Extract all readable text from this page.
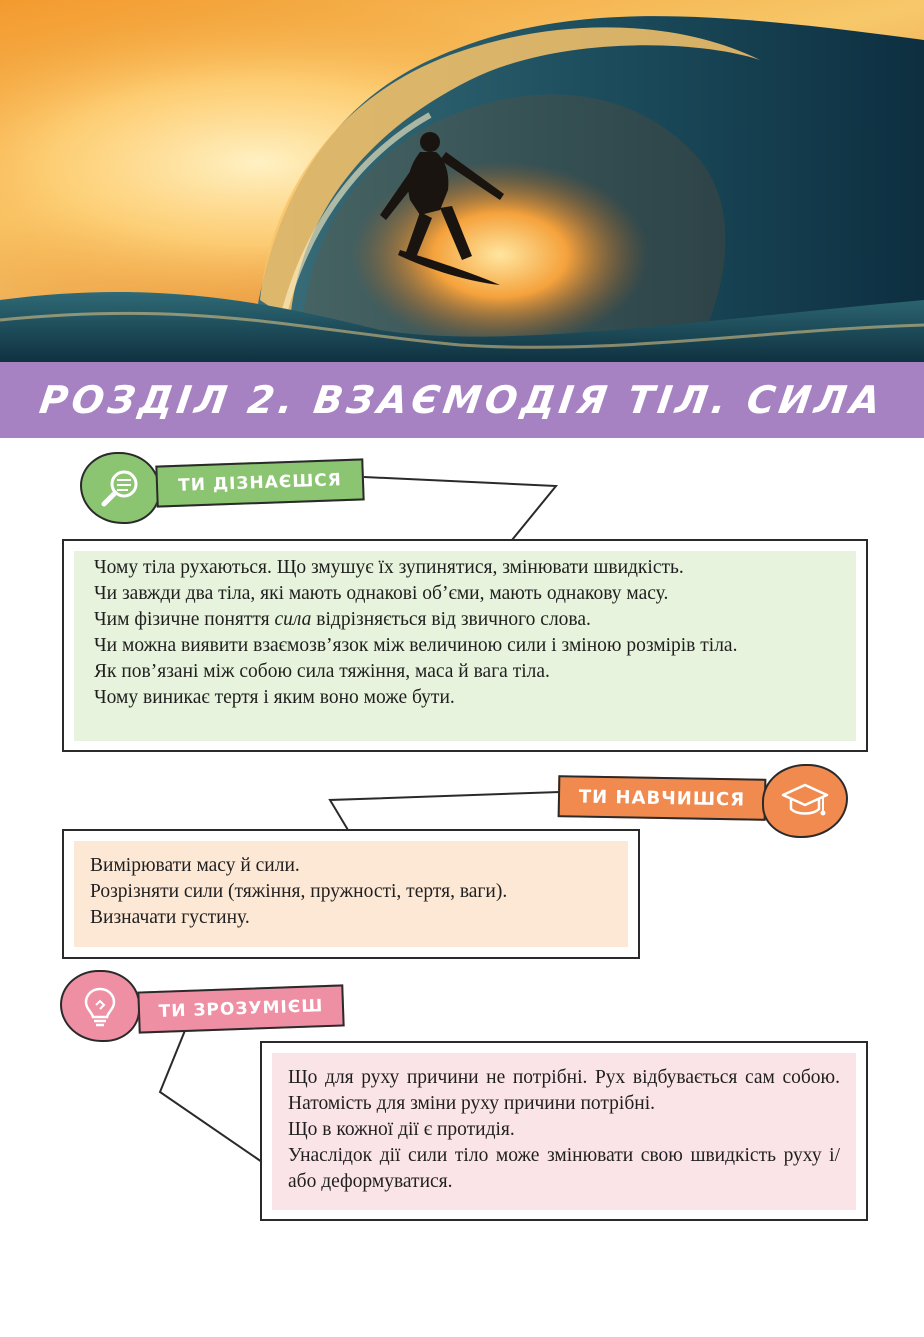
РОЗДІЛ 2. ВЗАЄМОДІЯ ТІЛ. СИЛА
ТИ ДІЗНАЄШСЯ

Чому тіла рухаються. Що змушує їх зупинятися, змінювати швидкість.

Чи завжди два тіла, які мають однакові об’єми, мають однакову масу.

Чим фізичне поняття сила відрізняється від звичного слова.

Чи можна виявити взаємозв’язок між величиною сили і зміною розмірів тіла.

Як пов’язані між собою сила тяжіння, маса й вага тіла.

Чому виникає тертя і яким воно може бути.

ТИ НАВЧИШСЯ

Вимірювати масу й сили.

Розрізняти сили (тяжіння, пружності, тертя, ваги).

Визначати густину.

ТИ ЗРОЗУМІЄШ

Що для руху причини не потрібні. Рух відбувається сам собою. Натомість для зміни руху причини потрібні.

Що в кожної дії є протидія.

Унаслідок дії сили тіло може змінювати свою швидкість руху і/або деформуватися.
